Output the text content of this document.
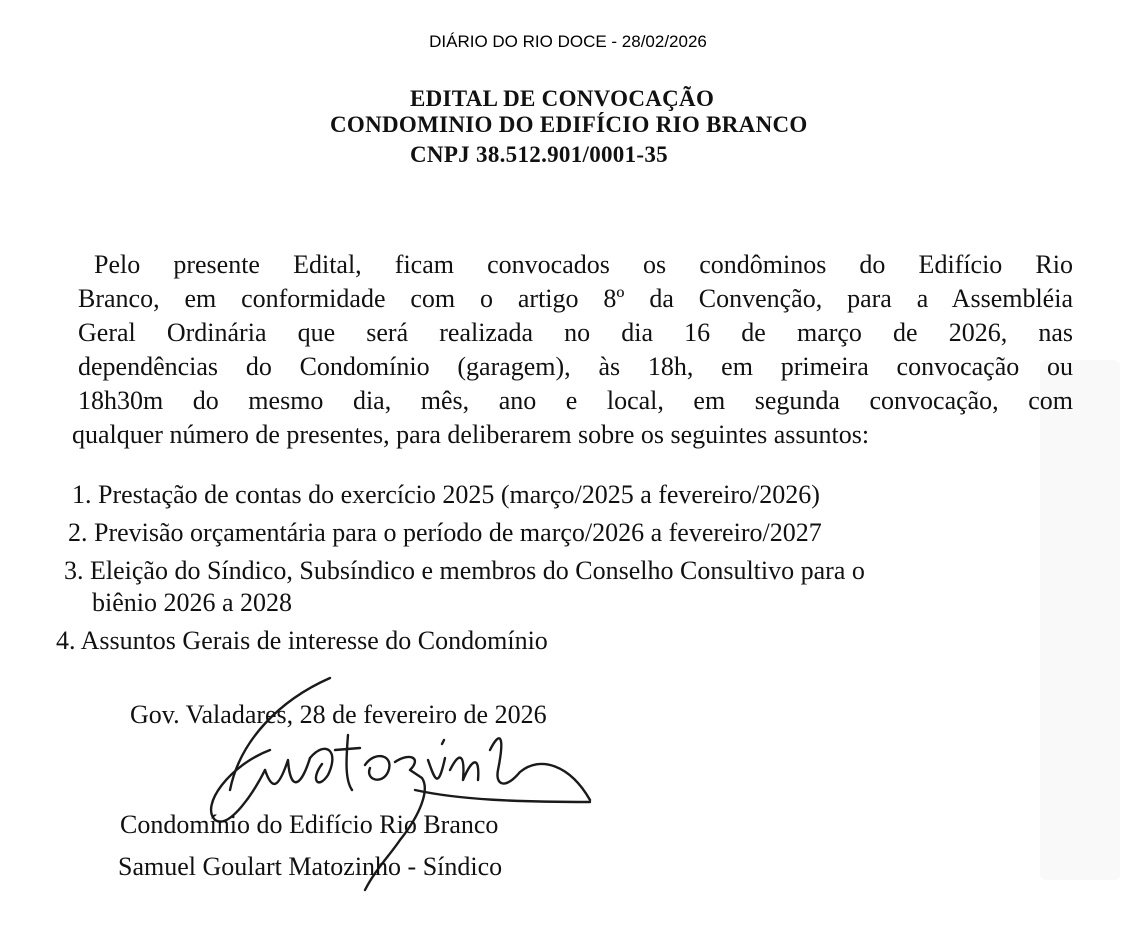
DIÁRIO DO RIO DOCE - 28/02/2026
EDITAL DE CONVOCAÇÃO
CONDOMINIO DO EDIFÍCIO RIO BRANCO
CNPJ 38.512.901/0001-35
Pelo presente Edital, ficam convocados os condôminos do Edifício Rio
Branco, em conformidade com o artigo 8º da Convenção, para a Assembléia
Geral Ordinária que será realizada no dia 16 de março de 2026, nas
dependências do Condomínio (garagem), às 18h, em primeira convocação ou
18h30m do mesmo dia, mês, ano e local, em segunda convocação, com
qualquer número de presentes, para deliberarem sobre os seguintes assuntos:
1. Prestação de contas do exercício 2025 (março/2025 a fevereiro/2026)
2. Previsão orçamentária para o período de março/2026 a fevereiro/2027
3. Eleição do Síndico, Subsíndico e membros do Conselho Consultivo para o
biênio 2026 a 2028
4. Assuntos Gerais de interesse do Condomínio
Gov. Valadares, 28 de fevereiro de 2026
Condomínio do Edifício Rio Branco
Samuel Goulart Matozinho - Síndico
